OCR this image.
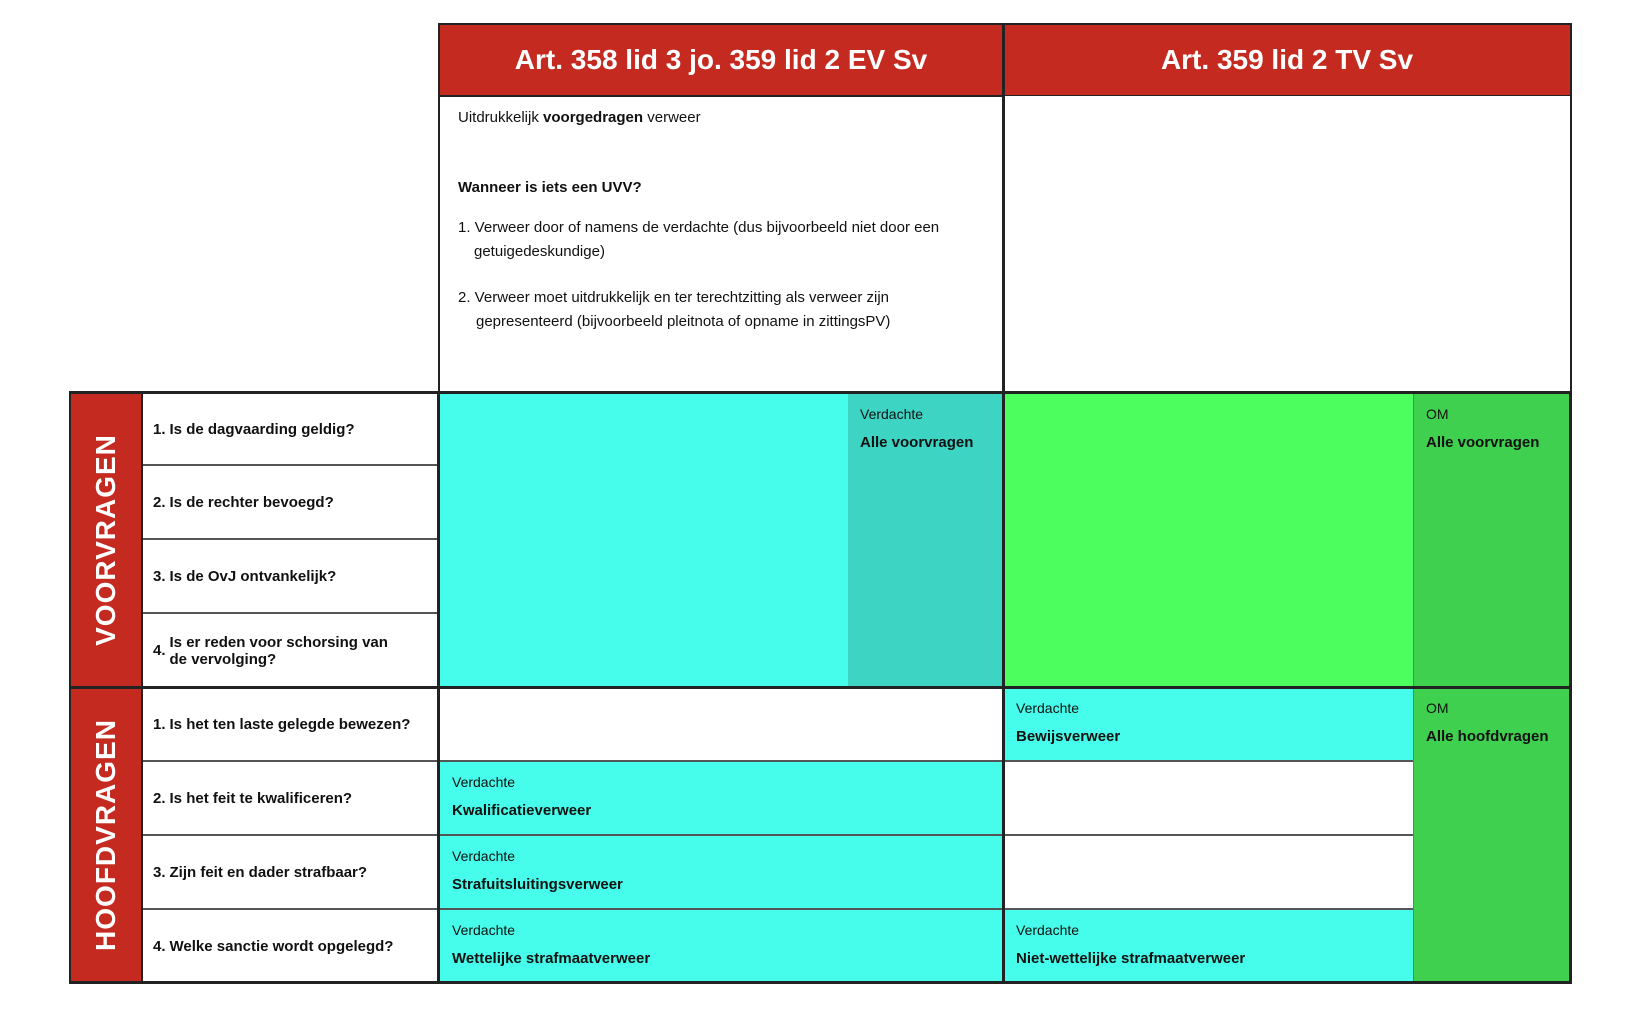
Art. 358 lid 3 jo. 359 lid 2 EV Sv	Art. 359 lid 2 TV Sv

Uitdrukkelijk voorgedragen verweer

Wanneer is iets een UVV?

1. Verweer door of namens de verdachte (dus bijvoorbeeld niet door een getuigedeskundige)

2. Verweer moet uitdrukkelijk en ter terechtzitting als verweer zijn gepresenteerd (bijvoorbeeld pleitnota of opname in zittingsPV)

VOORVRAGEN
HOOFDVRAGEN
1. Is de dagvaarding geldig?
2. Is de rechter bevoegd?
3. Is de OvJ ontvankelijk?
4. Is er reden voor schorsing van de vervolging?
1. Is het ten laste gelegde bewezen?
2. Is het feit te kwalificeren?
3. Zijn feit en dader strafbaar?
4. Welke sanctie wordt opgelegd?
Verdachte
Alle voorvragen
OM
Alle voorvragen
Verdachte
Kwalificatieverweer
Verdachte
Strafuitsluitingsverweer
Verdachte
Wettelijke strafmaatverweer
Verdachte
Bewijsverweer
Verdachte
Niet-wettelijke strafmaatverweer
OM
Alle hoofdvragen
